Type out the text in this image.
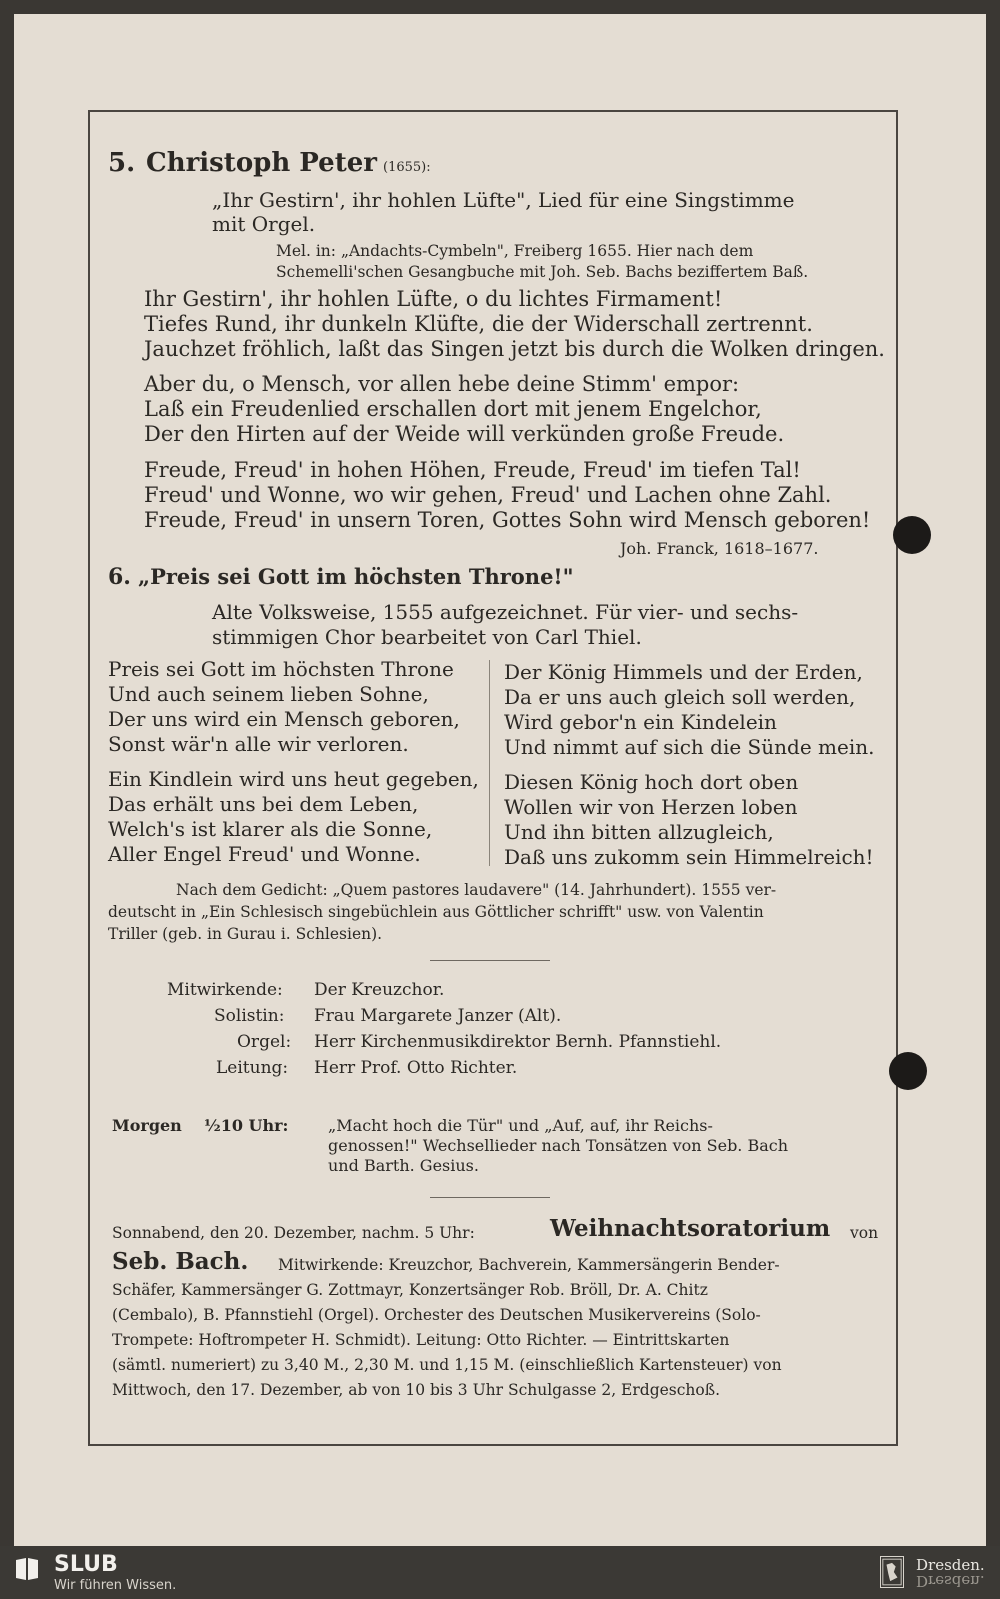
5. Christoph Peter (1655):
„Ihr Gestirn', ihr hohlen Lüfte", Lied für eine Singstimme
mit Orgel.
Mel. in: „Andachts-Cymbeln", Freiberg 1655. Hier nach dem
Schemelli'schen Gesangbuche mit Joh. Seb. Bachs beziffertem Baß.
Ihr Gestirn', ihr hohlen Lüfte, o du lichtes Firmament!
Tiefes Rund, ihr dunkeln Klüfte, die der Widerschall zertrennt.
Jauchzet fröhlich, laßt das Singen jetzt bis durch die Wolken dringen.
Aber du, o Mensch, vor allen hebe deine Stimm' empor:
Laß ein Freudenlied erschallen dort mit jenem Engelchor,
Der den Hirten auf der Weide will verkünden große Freude.
Freude, Freud' in hohen Höhen, Freude, Freud' im tiefen Tal!
Freud' und Wonne, wo wir gehen, Freud' und Lachen ohne Zahl.
Freude, Freud' in unsern Toren, Gottes Sohn wird Mensch geboren!
Joh. Franck, 1618–1677.
6. „Preis sei Gott im höchsten Throne!"
Alte Volksweise, 1555 aufgezeichnet. Für vier- und sechs-
stimmigen Chor bearbeitet von Carl Thiel.
Preis sei Gott im höchsten Throne
Und auch seinem lieben Sohne,
Der uns wird ein Mensch geboren,
Sonst wär'n alle wir verloren.
Der König Himmels und der Erden,
Da er uns auch gleich soll werden,
Wird gebor'n ein Kindelein
Und nimmt auf sich die Sünde mein.
Ein Kindlein wird uns heut gegeben,
Das erhält uns bei dem Leben,
Welch's ist klarer als die Sonne,
Aller Engel Freud' und Wonne.
Diesen König hoch dort oben
Wollen wir von Herzen loben
Und ihn bitten allzugleich,
Daß uns zukomm sein Himmelreich!
Nach dem Gedicht: „Quem pastores laudavere" (14. Jahrhundert). 1555 ver-
deutscht in „Ein Schlesisch singebüchlein aus Göttlicher schrifft" usw. von Valentin
Triller (geb. in Gurau i. Schlesien).
Mitwirkende: Der Kreuzchor.
Solistin: Frau Margarete Janzer (Alt).
Orgel: Herr Kirchenmusikdirektor Bernh. Pfannstiehl.
Leitung: Herr Prof. Otto Richter.
Morgen ½10 Uhr: „Macht hoch die Tür" und „Auf, auf, ihr Reichs-
genossen!" Wechsellieder nach Tonsätzen von Seb. Bach
und Barth. Gesius.
Sonnabend, den 20. Dezember, nachm. 5 Uhr:	Weihnachtsoratorium von
Seb. Bach. Mitwirkende: Kreuzchor, Bachverein, Kammersängerin Bender-
Schäfer, Kammersänger G. Zottmayr, Konzertsänger Rob. Bröll, Dr. A. Chitz
(Cembalo), B. Pfannstiehl (Orgel). Orchester des Deutschen Musikervereins (Solo-
Trompete: Hoftrompeter H. Schmidt). Leitung: Otto Richter. — Eintrittskarten
(sämtl. numeriert) zu 3,40 M., 2,30 M. und 1,15 M. (einschließlich Kartensteuer) von
Mittwoch, den 17. Dezember, ab von 10 bis 3 Uhr Schulgasse 2, Erdgeschoß.
SLUB
Wir führen Wissen.
Dresden.
Dresden.
